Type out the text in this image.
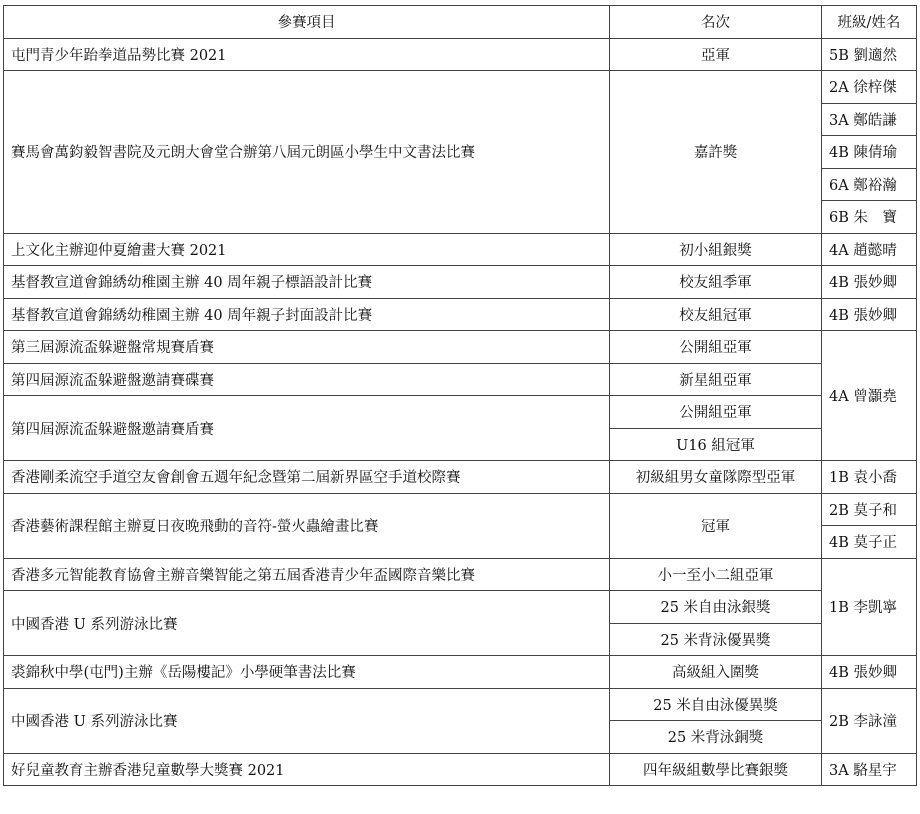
參賽項目	名次	班級/姓名
屯門青少年跆拳道品勢比賽 2021	亞軍	5B 劉適然
賽馬會萬鈞毅智書院及元朗大會堂合辦第八屆元朗區小學生中文書法比賽	嘉許獎	2A 徐梓傑
		3A 鄭皓謙
		4B 陳倩瑜
		6A 鄭裕瀚
		6B 朱　寶
上文化主辦迎仲夏繪畫大賽 2021	初小組銀獎	4A 趙懿晴
基督教宣道會錦綉幼稚園主辦 40 周年親子標語設計比賽	校友組季軍	4B 張妙卿
基督教宣道會錦綉幼稚園主辦 40 周年親子封面設計比賽	校友組冠軍	4B 張妙卿
第三屆源流盃躲避盤常規賽盾賽	公開組亞軍	4A 曾灝堯
第四屆源流盃躲避盤邀請賽碟賽	新星組亞軍	
第四屆源流盃躲避盤邀請賽盾賽	公開組亞軍	
	U16 組冠軍	
香港剛柔流空手道空友會創會五週年紀念暨第二屆新界區空手道校際賽	初級組男女童隊際型亞軍	1B 袁小喬
香港藝術課程館主辦夏日夜晚飛動的音符-螢火蟲繪畫比賽	冠軍	2B 莫子和
		4B 莫子正
香港多元智能教育協會主辦音樂智能之第五屆香港青少年盃國際音樂比賽	小一至小二組亞軍	1B 李凱寧
中國香港 U 系列游泳比賽	25 米自由泳銀獎	
	25 米背泳優異獎	
裘錦秋中學(屯門)主辦《岳陽樓記》小學硬筆書法比賽	高級組入圍獎	4B 張妙卿
中國香港 U 系列游泳比賽	25 米自由泳優異獎	2B 李詠潼
	25 米背泳銅獎	
好兒童教育主辦香港兒童數學大獎賽 2021	四年級組數學比賽銀獎	3A 駱星宇
